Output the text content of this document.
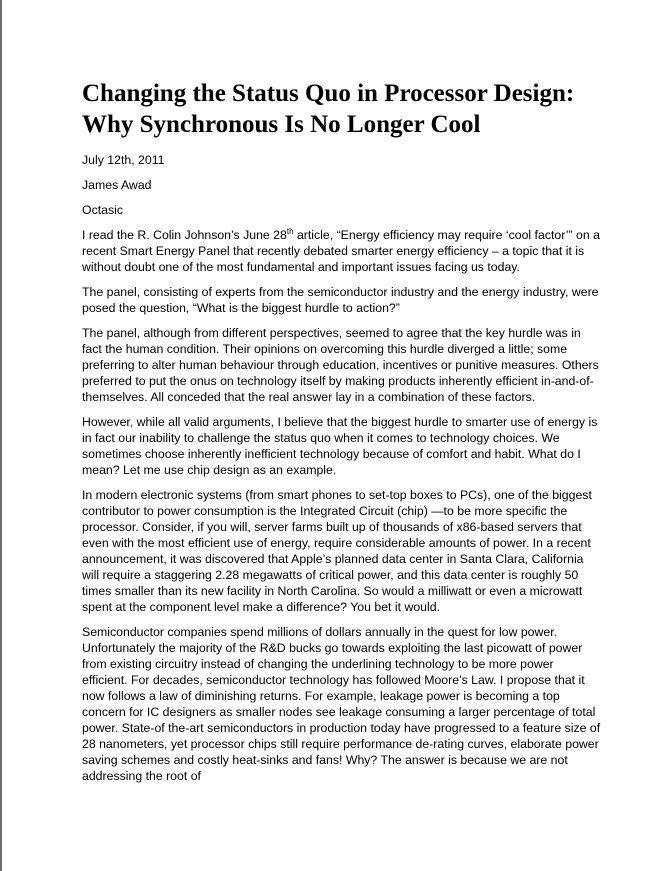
Changing the Status Quo in Processor Design: Why Synchronous Is No Longer Cool
July 12th, 2011
James Awad
Octasic

I read the R. Colin Johnson’s June 28th article, “Energy efficiency may require ‘cool factor’” on a recent Smart Energy Panel that recently debated smarter energy efficiency – a topic that it is without doubt one of the most fundamental and important issues facing us today.

The panel, consisting of experts from the semiconductor industry and the energy industry, were posed the question, “What is the biggest hurdle to action?”

The panel, although from different perspectives, seemed to agree that the key hurdle was in fact the human condition. Their opinions on overcoming this hurdle diverged a little; some preferring to alter human behaviour through education, incentives or punitive measures. Others preferred to put the onus on technology itself by making products inherently efficient in-and-of-themselves. All conceded that the real answer lay in a combination of these factors.

However, while all valid arguments, I believe that the biggest hurdle to smarter use of energy is in fact our inability to challenge the status quo when it comes to technology choices. We sometimes choose inherently inefficient technology because of comfort and habit. What do I mean? Let me use chip design as an example.

In modern electronic systems (from smart phones to set-top boxes to PCs), one of the biggest contributor to power consumption is the Integrated Circuit (chip) —to be more specific the processor. Consider, if you will, server farms built up of thousands of x86-based servers that even with the most efficient use of energy, require considerable amounts of power. In a recent announcement, it was discovered that Apple’s planned data center in Santa Clara, California will require a staggering 2.28 megawatts of critical power, and this data center is roughly 50 times smaller than its new facility in North Carolina. So would a milliwatt or even a microwatt spent at the component level make a difference? You bet it would.

Semiconductor companies spend millions of dollars annually in the quest for low power. Unfortunately the majority of the R&D bucks go towards exploiting the last picowatt of power from existing circuitry instead of changing the underlining technology to be more power efficient. For decades, semiconductor technology has followed Moore’s Law. I propose that it now follows a law of diminishing returns. For example, leakage power is becoming a top concern for IC designers as smaller nodes see leakage consuming a larger percentage of total power. State-of the-art semiconductors in production today have progressed to a feature size of 28 nanometers, yet processor chips still require performance de-rating curves, elaborate power saving schemes and costly heat-sinks and fans! Why? The answer is because we are not addressing the root of
